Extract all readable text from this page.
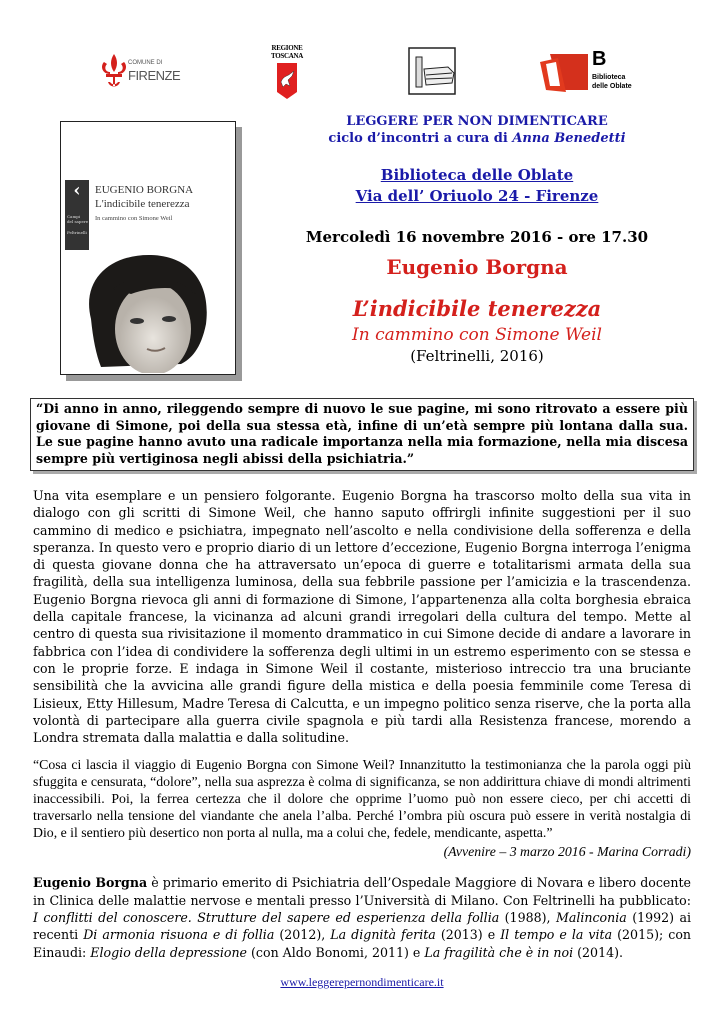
COMUNE DI
FIRENZE
REGIONE
TOSCANA	B
Biblioteca
delle Oblate
‹
Campi
del sapere
Feltrinelli
EUGENIO BORGNA
L'indicibile tenerezza
In cammino con Simone Weil
LEGGERE PER NON DIMENTICARE
ciclo d’incontri a cura di Anna Benedetti
Biblioteca delle Oblate
Via dell’ Oriuolo 24 - Firenze
Mercoledì 16 novembre 2016 - ore 17.30
Eugenio Borgna
L’indicibile tenerezza
In cammino con Simone Weil
(Feltrinelli, 2016)
“Di anno in anno, rileggendo sempre di nuovo le sue pagine, mi sono ritrovato a essere più giovane di Simone, poi della sua stessa età, infine di un’età sempre più lontana dalla sua. Le sue pagine hanno avuto una radicale importanza nella mia formazione, nella mia discesa sempre più vertiginosa negli abissi della psichiatria.”
Una vita esemplare e un pensiero folgorante. Eugenio Borgna ha trascorso molto della sua vita in dialogo con gli scritti di Simone Weil, che hanno saputo offrirgli infinite suggestioni per il suo cammino di medico e psichiatra, impegnato nell’ascolto e nella condivisione della sofferenza e della speranza. In questo vero e proprio diario di un lettore d’eccezione, Eugenio Borgna interroga l’enigma di questa giovane donna che ha attraversato un’epoca di guerre e totalitarismi armata della sua fragilità, della sua intelligenza luminosa, della sua febbrile passione per l’amicizia e la trascendenza. Eugenio Borgna rievoca gli anni di formazione di Simone, l’appartenenza alla colta borghesia ebraica della capitale francese, la vicinanza ad alcuni grandi irregolari della cultura del tempo. Mette al centro di questa sua rivisitazione il momento drammatico in cui Simone decide di andare a lavorare in fabbrica con l’idea di condividere la sofferenza degli ultimi in un estremo esperimento con se stessa e con le proprie forze. E indaga in Simone Weil il costante, misterioso intreccio tra una bruciante sensibilità che la avvicina alle grandi figure della mistica e della poesia femminile come Teresa di Lisieux, Etty Hillesum, Madre Teresa di Calcutta, e un impegno politico senza riserve, che la porta alla volontà di partecipare alla guerra civile spagnola e più tardi alla Resistenza francese, morendo a Londra stremata dalla malattia e dalla solitudine.
“Cosa ci lascia il viaggio di Eugenio Borgna con Simone Weil? Innanzitutto la testimonianza che la parola oggi più sfuggita e censurata, “dolore”, nella sua asprezza è colma di significanza, se non addirittura chiave di mondi altrimenti inaccessibili. Poi, la ferrea certezza che il dolore che opprime l’uomo può non essere cieco, per chi accetti di traversarlo nella tensione del viandante che anela l’alba. Perché l’ombra più oscura può essere in verità nostalgia di Dio, e il sentiero più desertico non porta al nulla, ma a colui che, fedele, mendicante, aspetta.”
(Avvenire – 3 marzo 2016 - Marina Corradi)
Eugenio Borgna è primario emerito di Psichiatria dell’Ospedale Maggiore di Novara e libero docente in Clinica delle malattie nervose e mentali presso l’Università di Milano. Con Feltrinelli ha pubblicato: I conflitti del conoscere. Strutture del sapere ed esperienza della follia (1988), Malinconia (1992) ai recenti Di armonia risuona e di follia (2012), La dignità ferita (2013) e Il tempo e la vita (2015); con Einaudi: Elogio della depressione (con Aldo Bonomi, 2011) e La fragilità che è in noi (2014).
www.leggerepernondimenticare.it
